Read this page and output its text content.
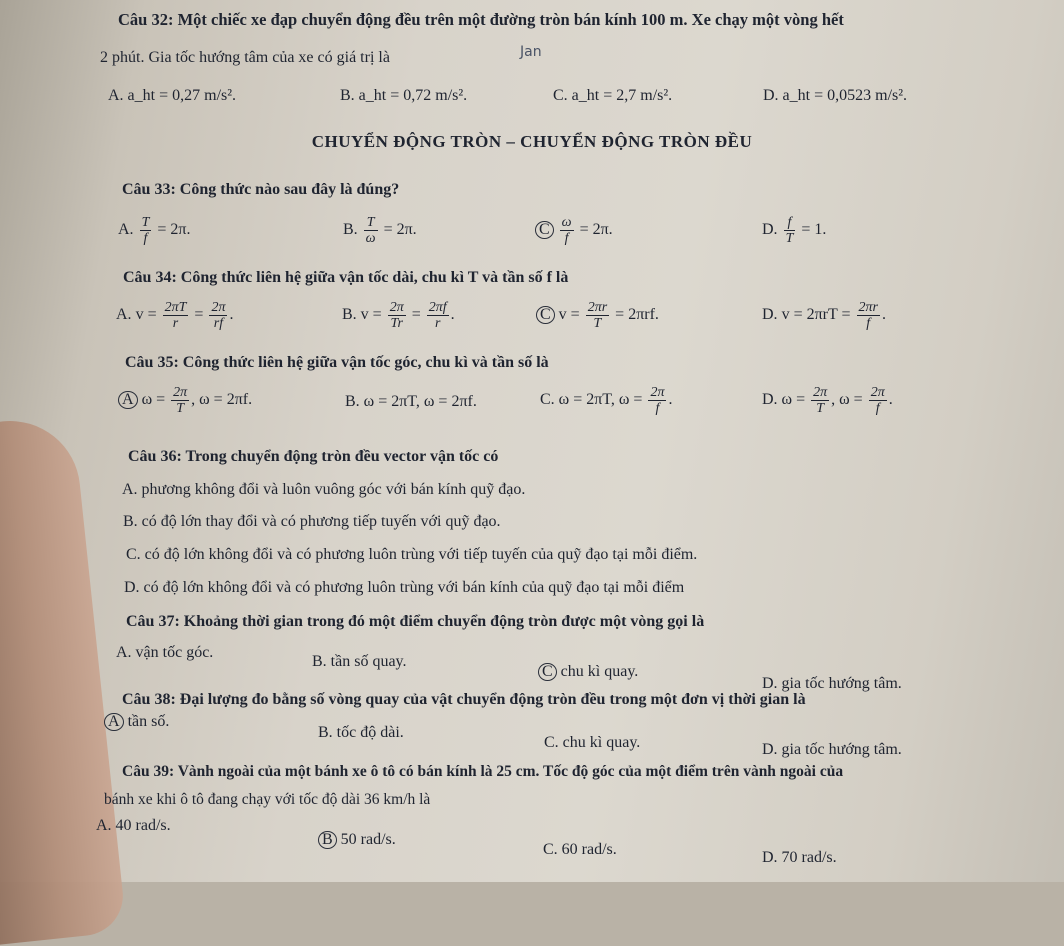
Câu 32: Một chiếc xe đạp chuyển động đều trên một đường tròn bán kính 100 m. Xe chạy một vòng hết
2 phút. Gia tốc hướng tâm của xe có giá trị là	Jan
A. a_ht = 0,27 m/s².	B. a_ht = 0,72 m/s².	C. a_ht = 2,7 m/s².	D. a_ht = 0,0523 m/s².
CHUYỂN ĐỘNG TRÒN – CHUYỂN ĐỘNG TRÒN ĐỀU
Câu 33: Công thức nào sau đây là đúng?
A. $\frac{T}{f} = 2\pi$.	B. $\frac{T}{\omega} = 2\pi$.	C $\frac{\omega}{f} = 2\pi$.	D. $\frac{f}{T} = 1$.
Câu 34: Công thức liên hệ giữa vận tốc dài, chu kì T và tần số f là
A. $v = \frac{2\pi T}{r} = \frac{2\pi}{rf}$ .	B. $v = \frac{2\pi}{Tr} = \frac{2\pi f}{r}$ .	C $v = \frac{2\pi r}{T} = 2\pi rf$.	D. $v = 2\pi rT = \frac{2\pi r}{f}$ .
Câu 35: Công thức liên hệ giữa vận tốc góc, chu kì và tần số là
A $\omega = \frac{2\pi}{T}$ , ω = 2πf.	B. ω = 2πT, ω = 2πf.	C. ω = 2πT, $\omega = \frac{2\pi}{f}$ .	D. $\omega = \frac{2\pi}{T}$ , $\omega = \frac{2\pi}{f}$ .
Câu 36: Trong chuyển động tròn đều vector vận tốc có
A. phương không đổi và luôn vuông góc với bán kính quỹ đạo.
B. có độ lớn thay đổi và có phương tiếp tuyến với quỹ đạo.
C. có độ lớn không đổi và có phương luôn trùng với tiếp tuyến của quỹ đạo tại mỗi điểm.
D. có độ lớn không đổi và có phương luôn trùng với bán kính của quỹ đạo tại mỗi điểm
Câu 37: Khoảng thời gian trong đó một điểm chuyển động tròn được một vòng gọi là
A. vận tốc góc.
B. tần số quay.
C chu kì quay.
D. gia tốc hướng tâm.
Câu 38: Đại lượng đo bằng số vòng quay của vật chuyển động tròn đều trong một đơn vị thời gian là
A tần số.
B. tốc độ dài.
C. chu kì quay.	D. gia tốc hướng tâm.
Câu 39: Vành ngoài của một bánh xe ô tô có bán kính là 25 cm. Tốc độ góc của một điểm trên vành ngoài của
bánh xe khi ô tô đang chạy với tốc độ dài 36 km/h là
A. 40 rad/s.
B 50 rad/s.
C. 60 rad/s.	D. 70 rad/s.
